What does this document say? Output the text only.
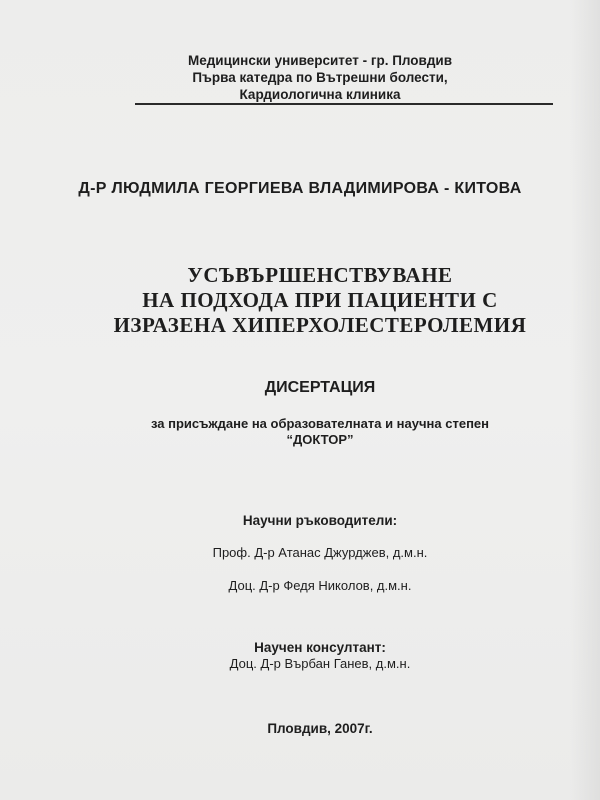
Медицински университет - гр. Пловдив
Първа катедра по Вътрешни болести,
Кардиологична клиника
Д-Р ЛЮДМИЛА ГЕОРГИЕВА ВЛАДИМИРОВА - КИТОВА
УСЪВЪРШЕНСТВУВАНЕ
НА ПОДХОДА ПРИ ПАЦИЕНТИ С
ИЗРАЗЕНА ХИПЕРХОЛЕСТЕРОЛЕМИЯ
ДИСЕРТАЦИЯ
за присъждане на образователната и научна степен
“ДОКТОР”
Научни ръководители:
Проф. Д-р Атанас Джурджев, д.м.н.
Доц. Д-р Федя Николов, д.м.н.
Научен консултант:
Доц. Д-р Върбан Ганев, д.м.н.
Пловдив, 2007г.
